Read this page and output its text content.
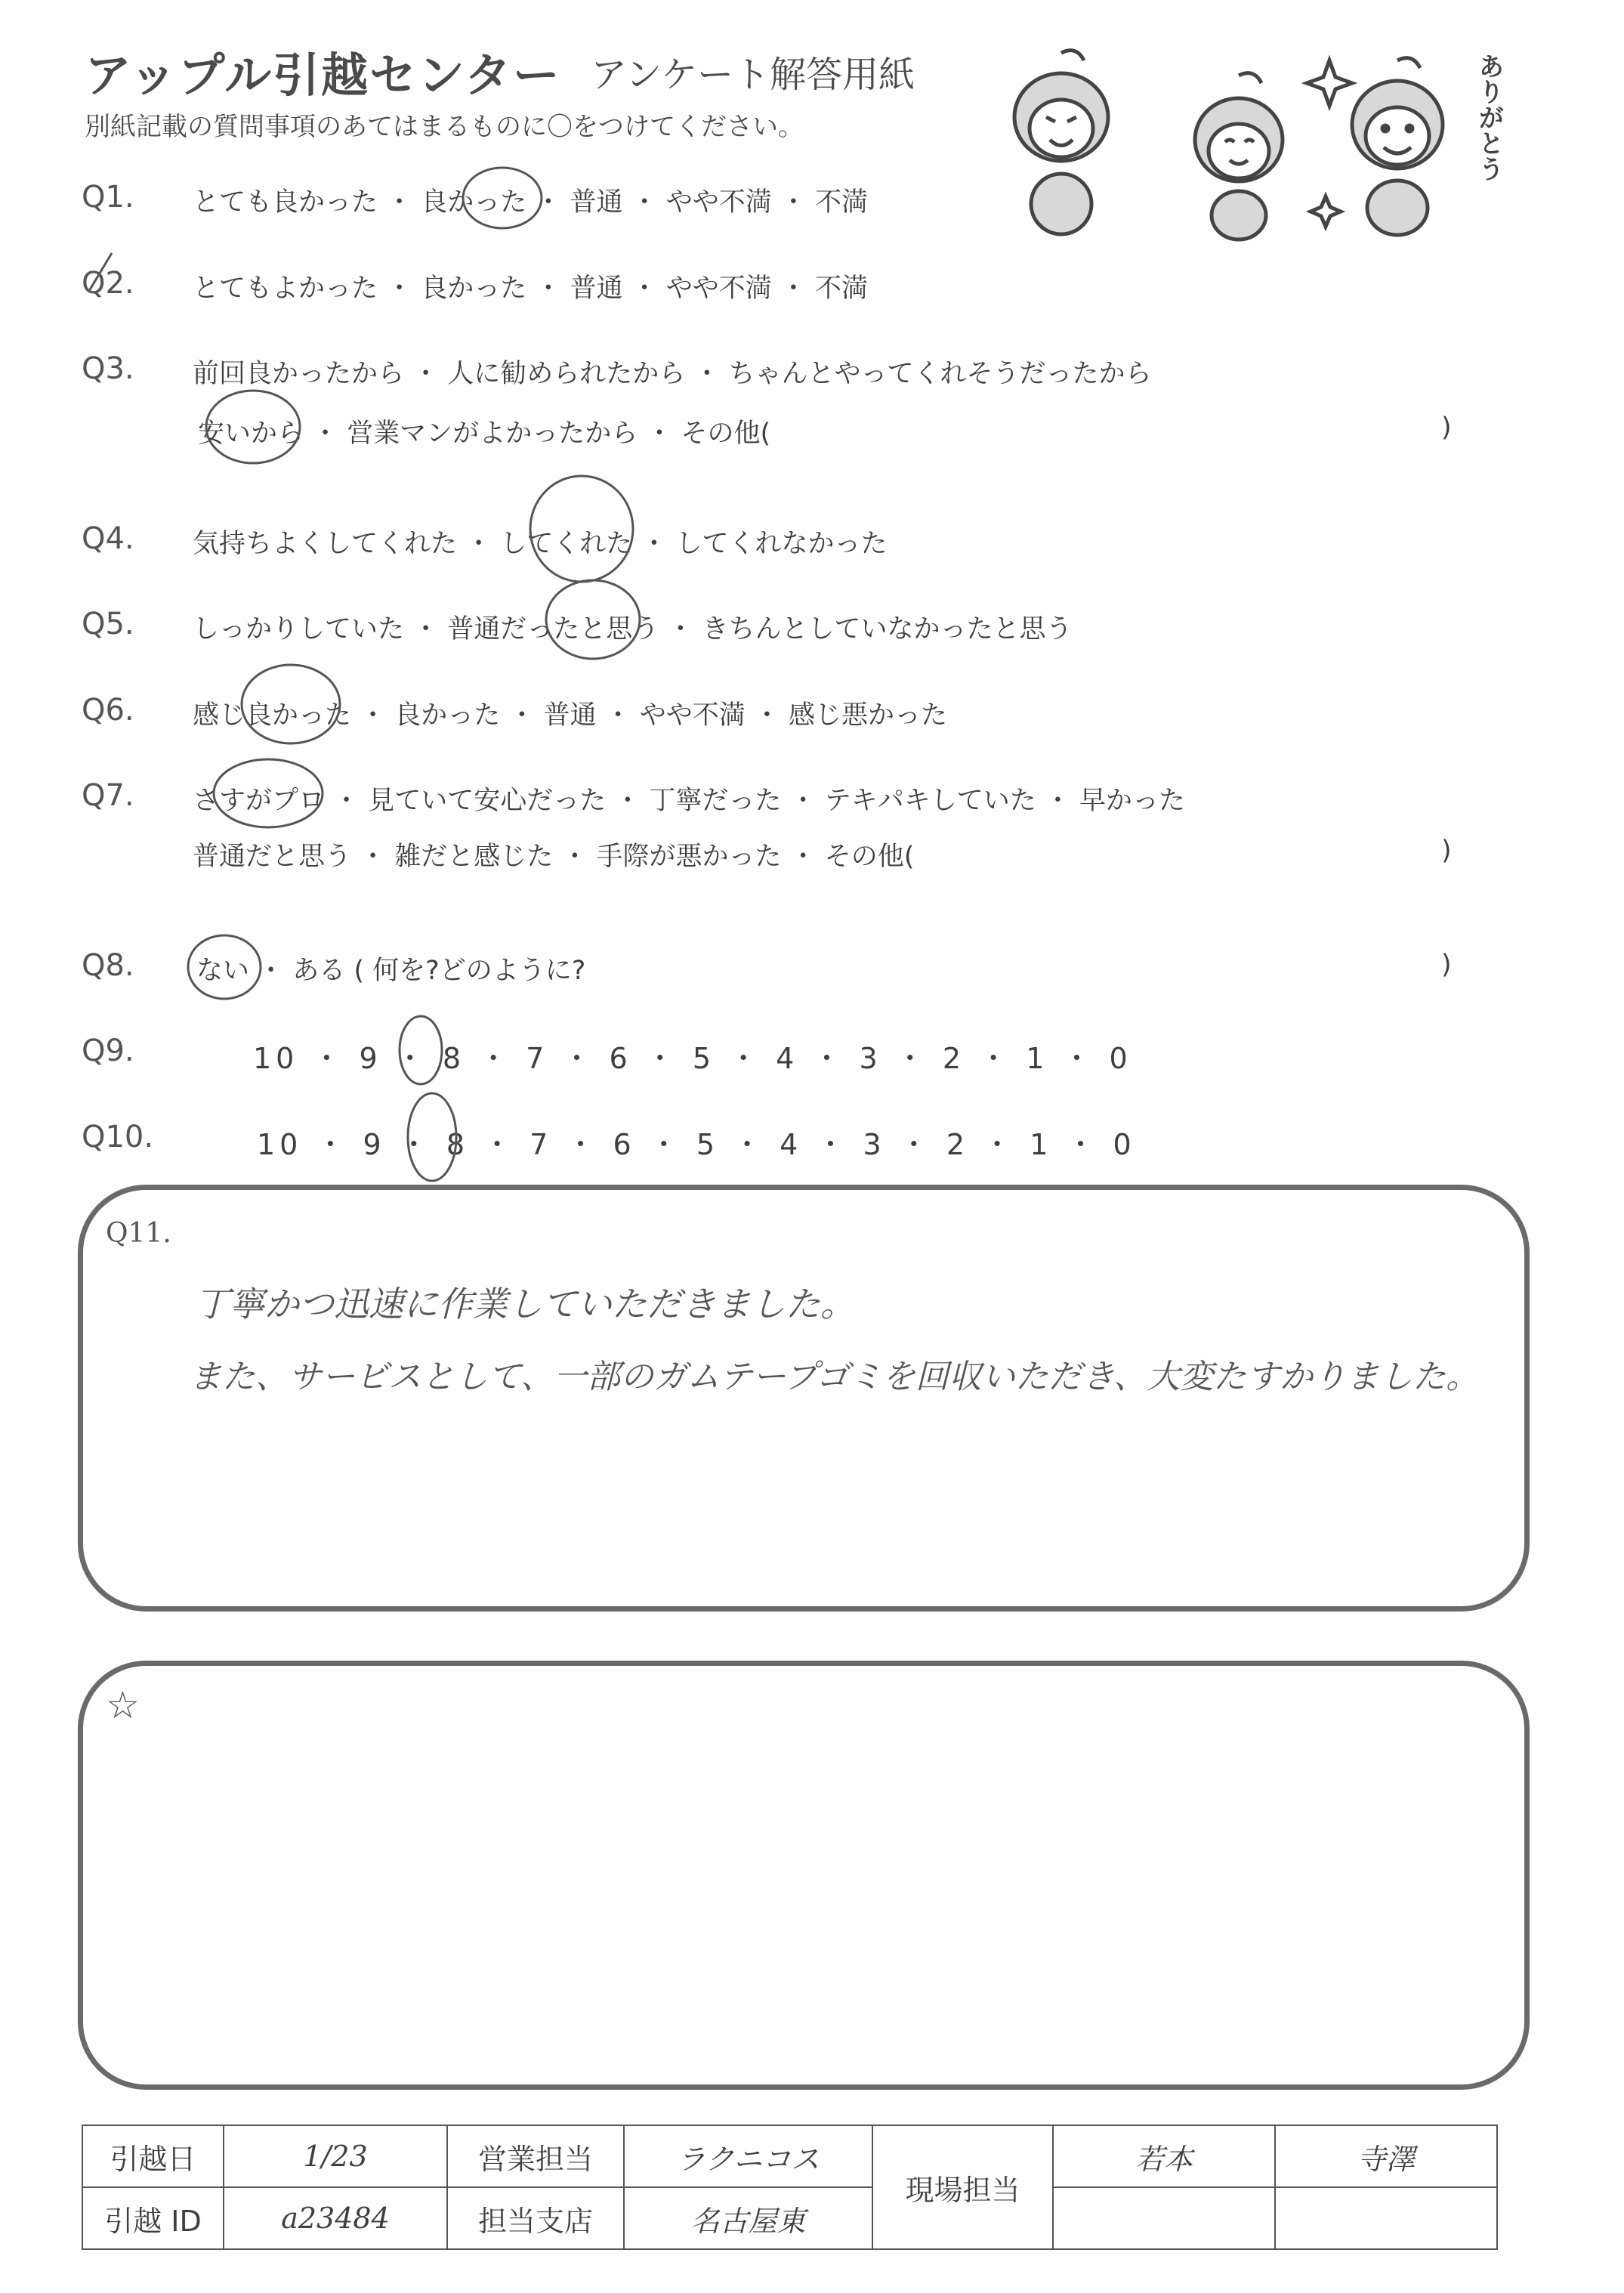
アップル引越センター アンケート解答用紙
別紙記載の質問事項のあてはまるものに〇をつけてください。	ありがとう
Q1. とても良かった ・ 良かった ・ 普通 ・ やや不満 ・ 不満
Q2. とてもよかった ・ 良かった ・ 普通 ・ やや不満 ・ 不満
Q3. 前回良かったから ・ 人に勧められたから ・ ちゃんとやってくれそうだったから
安いから ・ 営業マンがよかったから ・ その他(	)
Q4. 気持ちよくしてくれた ・ してくれた ・ してくれなかった
Q5. しっかりしていた ・ 普通だったと思う ・ きちんとしていなかったと思う
Q6. 感じ良かった ・ 良かった ・ 普通 ・ やや不満 ・ 感じ悪かった
Q7. さすがプロ ・ 見ていて安心だった ・ 丁寧だった ・ テキパキしていた ・ 早かった
普通だと思う ・ 雑だと感じた ・ 手際が悪かった ・ その他(	)
Q8. ない ・ ある ( 何を?どのように?	)
Q9.	10 ・ 9 ・ 8 ・ 7 ・ 6 ・ 5 ・ 4 ・ 3 ・ 2 ・ 1 ・ 0
Q10.	10 ・ 9 ・ 8 ・ 7 ・ 6 ・ 5 ・ 4 ・ 3 ・ 2 ・ 1 ・ 0
Q11.
丁寧かつ迅速に作業していただきました。
また、サービスとして、一部のガムテープゴミを回収いただき、大変たすかりました。
☆
引越日	1/23	営業担当	ラクニコス	現場担当	若本	寺澤
引越 ID	a23484	担当支店	名古屋東			
